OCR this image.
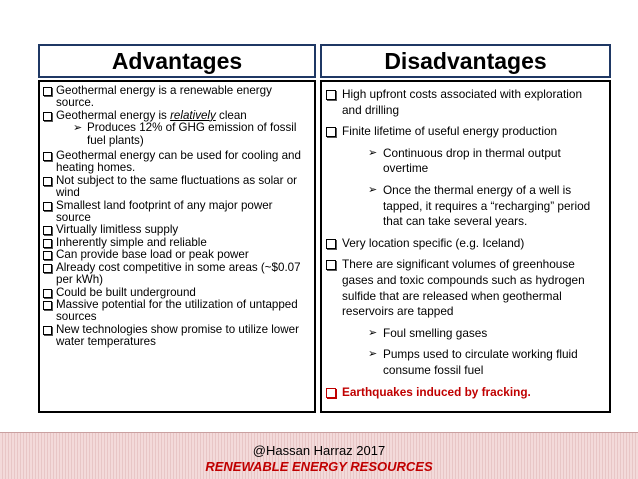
Advantages	Disadvantages
Geothermal energy is a renewable energy source.
Geothermal energy is relatively clean
➢ Produces 12% of GHG emission of fossil fuel plants)
Geothermal energy can be used for cooling and heating homes.
Not subject to the same fluctuations as solar or wind
Smallest land footprint of any major power source
Virtually limitless supply
Inherently simple and reliable
Can provide base load or peak power
Already cost competitive in some areas (~$0.07 per kWh)
Could be built underground
Massive potential for the utilization of untapped sources
New technologies show promise to utilize lower water temperatures
High upfront costs associated with exploration and drilling
Finite lifetime of useful energy production
➢ Continuous drop in thermal output overtime
➢ Once the thermal energy of a well is tapped, it requires a “recharging” period that can take several years.
Very location specific (e.g. Iceland)
There are significant volumes of greenhouse gases and toxic compounds such as hydrogen sulfide that are released when geothermal reservoirs are tapped
➢ Foul smelling gases
➢ Pumps used to circulate working fluid consume fossil fuel
Earthquakes induced by fracking.
@Hassan Harraz 2017
RENEWABLE ENERGY RESOURCES
